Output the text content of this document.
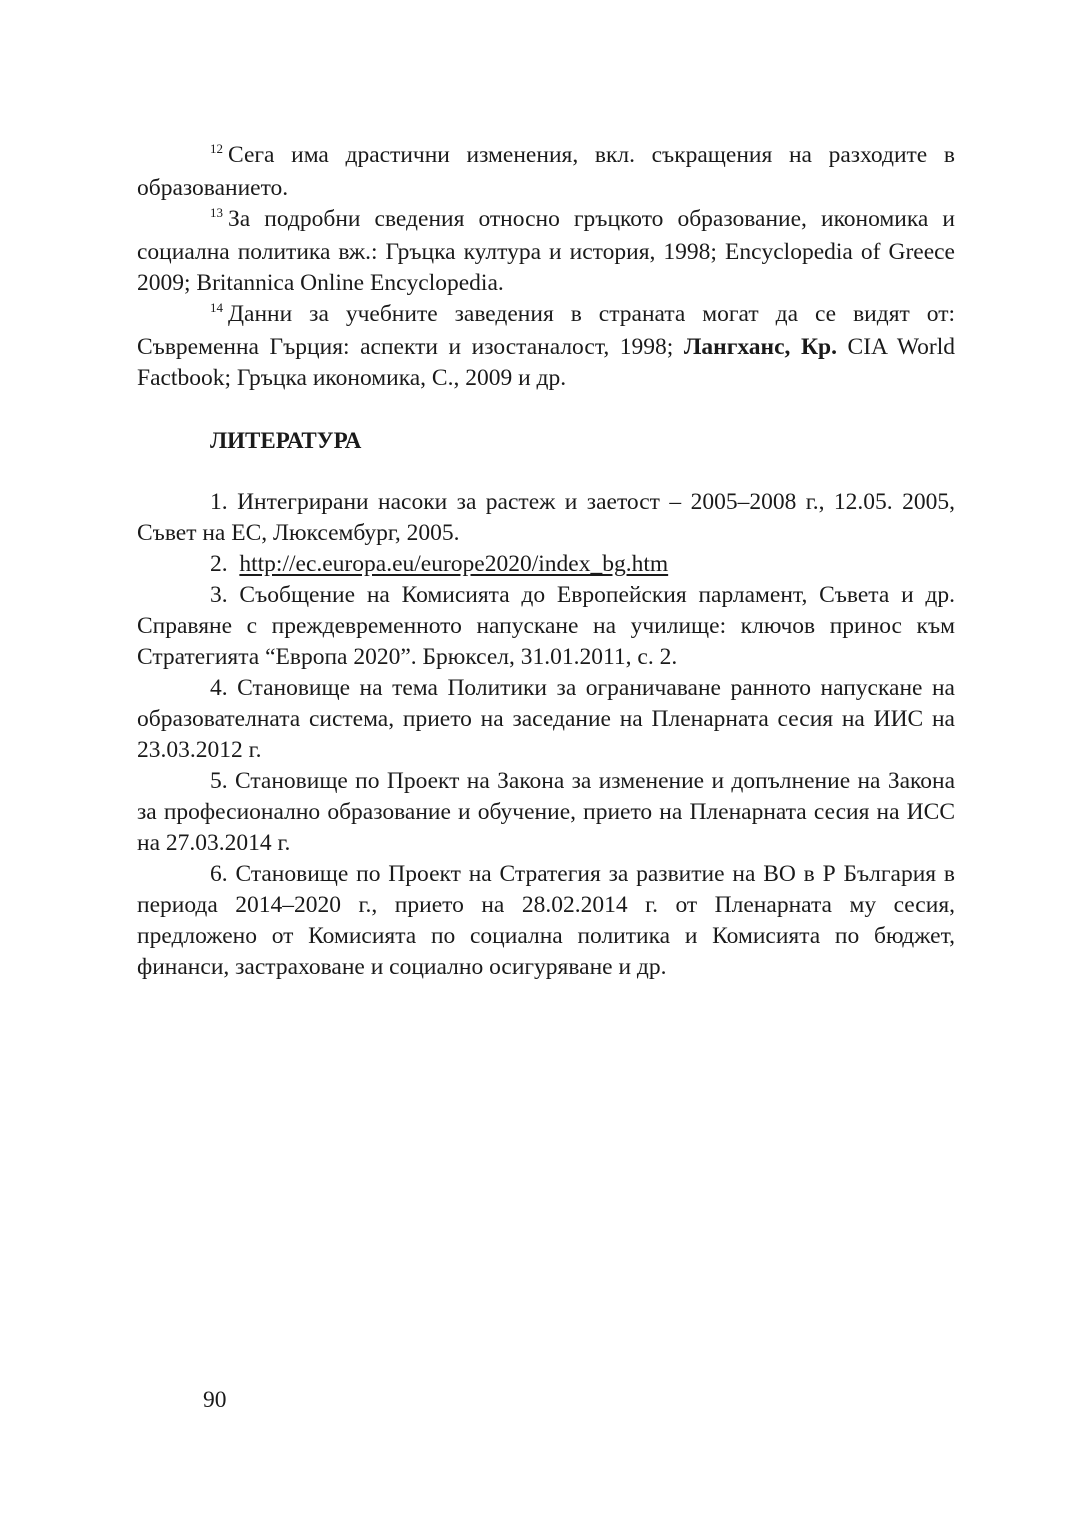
$^{12}$ Сега има драстични изменения, вкл. съкращения на разходите в образованието.

$^{13}$ За подробни сведения относно гръцкото образование, икономика и социална политика вж.: Гръцка култура и история, 1998; Encyclopedia of Greece 2009; Britannica Online Encyclopedia.

$^{14}$ Данни за учебните заведения в страната могат да се видят от: Съвременна Гърция: аспекти и изостаналост, 1998; Лангханс, Кр. CIA World Factbook; Гръцка икономика, С., 2009 и др.

ЛИТЕРАТУРА

1. Интегрирани насоки за растеж и заетост – 2005–2008 г., 12.05. 2005, Съвет на ЕС, Люксембург, 2005.

2. http://ec.europa.eu/europe2020/index_bg.htm

3. Съобщение на Комисията до Европейския парламент, Съвета и др. Справяне с преждевременното напускане на училище: ключов принос към Стратегията “Европа 2020”. Брюксел, 31.01.2011, с. 2.

4. Становище на тема Политики за ограничаване ранното напускане на образователната система, прието на заседание на Пленарната сесия на ИИС на 23.03.2012 г.

5. Становище по Проект на Закона за изменение и допълнение на Закона за професионално образование и обучение, прието на Пленарната сесия на ИСС на 27.03.2014 г.

6. Становище по Проект на Стратегия за развитие на ВО в Р България в периода 2014–2020 г., прието на 28.02.2014 г. от Пленарната му сесия, предложено от Комисията по социална политика и Комисията по бюджет, финанси, застраховане и социално осигуряване и др.

90
